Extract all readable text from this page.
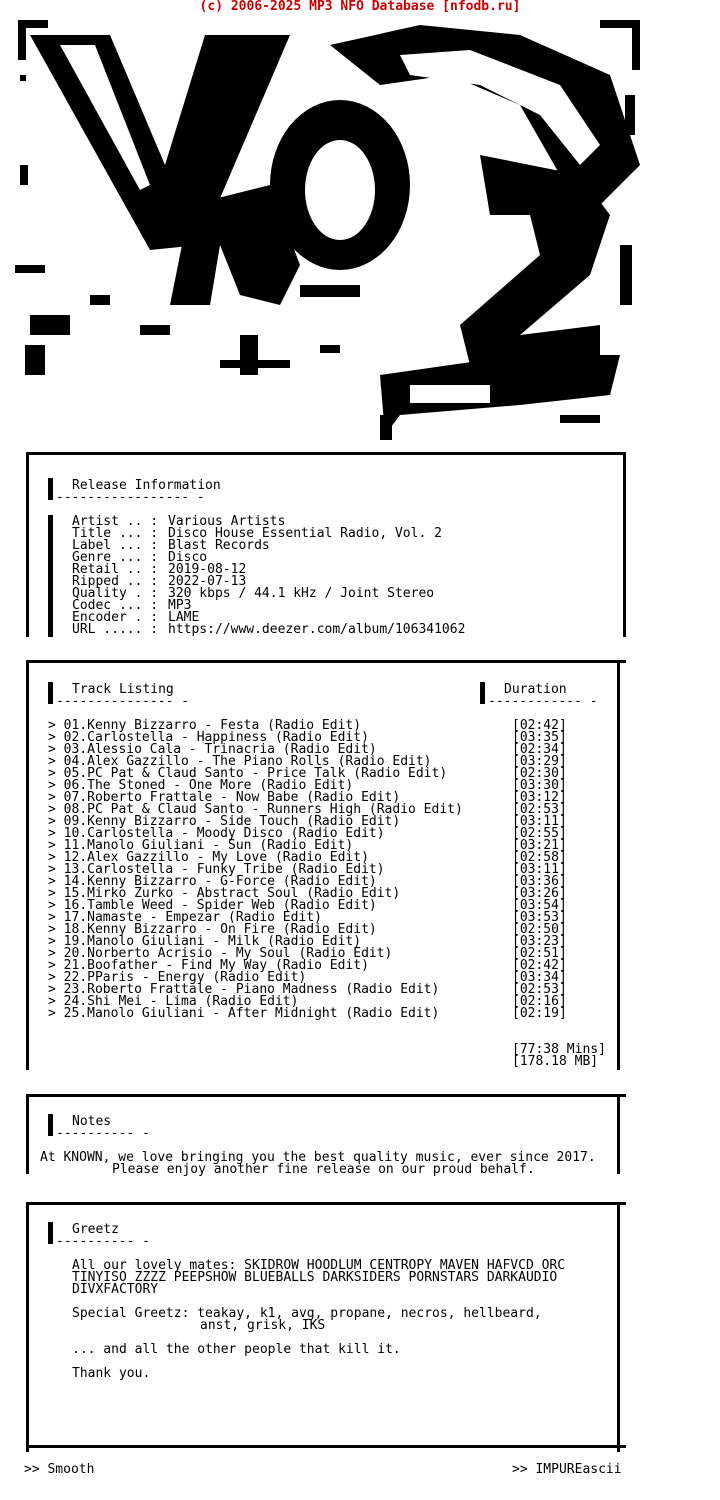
(c) 2006-2025 MP3 NFO Database [nfodb.ru]
sM
Release Information
----------------- -
Artist .. : Various Artists
Title ... : Disco House Essential Radio, Vol. 2
Label ... : Blast Records
Genre ... : Disco
Retail .. : 2019-08-12
Ripped .. : 2022-07-13
Quality . : 320 kbps / 44.1 kHz / Joint Stereo
Codec ... : MP3
Encoder . : LAME
URL ..... : https://www.deezer.com/album/106341062
Track Listing
--------------- -
Duration
------------ -
> 01.Kenny Bizzarro - Festa (Radio Edit)	[02:42]
> 02.Carlostella - Happiness (Radio Edit)	[03:35]
> 03.Alessio Cala - Trinacria (Radio Edit)	[02:34]
> 04.Alex Gazzillo - The Piano Rolls (Radio Edit)	[03:29]
> 05.PC Pat & Claud Santo - Price Talk (Radio Edit)	[02:30]
> 06.The Stoned - One More (Radio Edit)	[03:30]
> 07.Roberto Frattale - Now Babe (Radio Edit)	[03:12]
> 08.PC Pat & Claud Santo - Runners High (Radio Edit)	[02:53]
> 09.Kenny Bizzarro - Side Touch (Radio Edit)	[03:11]
> 10.Carlostella - Moody Disco (Radio Edit)	[02:55]
> 11.Manolo Giuliani - Sun (Radio Edit)	[03:21]
> 12.Alex Gazzillo - My Love (Radio Edit)	[02:58]
> 13.Carlostella - Funky Tribe (Radio Edit)	[03:11]
> 14.Kenny Bizzarro - G-Force (Radio Edit)	[03:36]
> 15.Mirko Zurko - Abstract Soul (Radio Edit)	[03:26]
> 16.Tamble Weed - Spider Web (Radio Edit)	[03:54]
> 17.Namaste - Empezar (Radio Edit)	[03:53]
> 18.Kenny Bizzarro - On Fire (Radio Edit)	[02:50]
> 19.Manolo Giuliani - Milk (Radio Edit)	[03:23]
> 20.Norberto Acrisio - My Soul (Radio Edit)	[02:51]
> 21.Boofather - Find My Way (Radio Edit)	[02:42]
> 22.PParis - Energy (Radio Edit)	[03:34]
> 23.Roberto Frattale - Piano Madness (Radio Edit)	[02:53]
> 24.Shi Mei - Lima (Radio Edit)	[02:16]
> 25.Manolo Giuliani - After Midnight (Radio Edit)	[02:19]
[77:38 Mins]
[178.18 MB]
Notes
---------- -
At KNOWN, we love bringing you the best quality music, ever since 2017.
Please enjoy another fine release on our proud behalf.
Greetz
---------- -
All our lovely mates: SKIDROW HOODLUM CENTROPY MAVEN HAFVCD ORC
TINYISO ZZZZ PEEPSHOW BLUEBALLS DARKSIDERS PORNSTARS DARKAUDIO
DIVXFACTORY
Special Greetz: teakay, k1, avg, propane, necros, hellbeard,
anst, grisk, IKS
... and all the other people that kill it.
Thank you.
>> Smooth	>> IMPUREascii
